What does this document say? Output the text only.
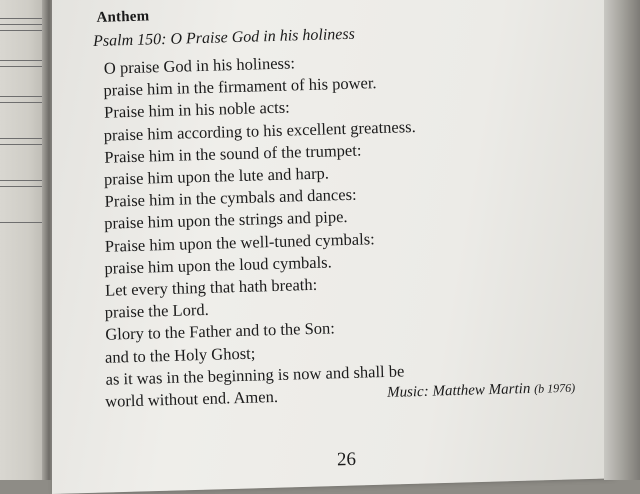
Anthem
Psalm 150: O Praise God in his holiness
O praise God in his holiness:
praise him in the firmament of his power.
Praise him in his noble acts:
praise him according to his excellent greatness.
Praise him in the sound of the trumpet:
praise him upon the lute and harp.
Praise him in the cymbals and dances:
praise him upon the strings and pipe.
Praise him upon the well-tuned cymbals:
praise him upon the loud cymbals.
Let every thing that hath breath:
praise the Lord.
Glory to the Father and to the Son:
and to the Holy Ghost;
as it was in the beginning is now and shall be
world without end. Amen.	Music: Matthew Martin (b 1976)
26
